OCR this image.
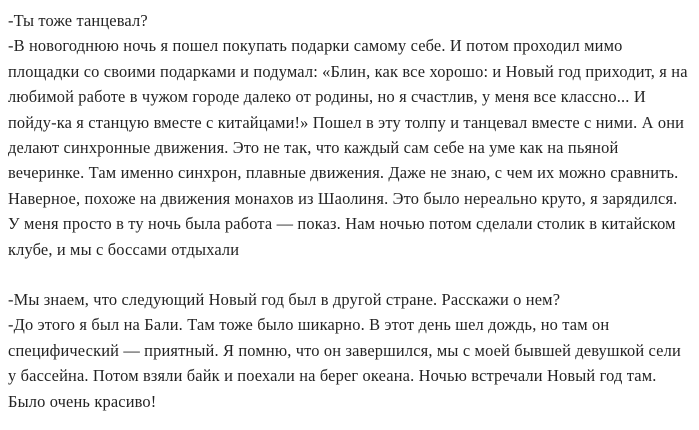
-Ты тоже танцевал?

-В новогоднюю ночь я пошел покупать подарки самому себе. И потом проходил мимо площадки со своими подарками и подумал: «Блин, как все хорошо: и Новый год приходит, я на любимой работе в чужом городе далеко от родины, но я счастлив, у меня все классно... И пойду-ка я станцую вместе с китайцами!» Пошел в эту толпу и танцевал вместе с ними. А они делают синхронные движения. Это не так, что каждый сам себе на уме как на пьяной вечеринке. Там именно синхрон, плавные движения. Даже не знаю, с чем их можно сравнить. Наверное, похоже на движения монахов из Шаолиня. Это было нереально круто, я зарядился. У меня просто в ту ночь была работа — показ. Нам ночью потом сделали столик в китайском клубе, и мы с боссами отдыхали

-Мы знаем, что следующий Новый год был в другой стране. Расскажи о нем?

-До этого я был на Бали. Там тоже было шикарно. В этот день шел дождь, но там он специфический — приятный. Я помню, что он завершился, мы с моей бывшей девушкой сели у бассейна. Потом взяли байк и поехали на берег океана. Ночью встречали Новый год там. Было очень красиво!
